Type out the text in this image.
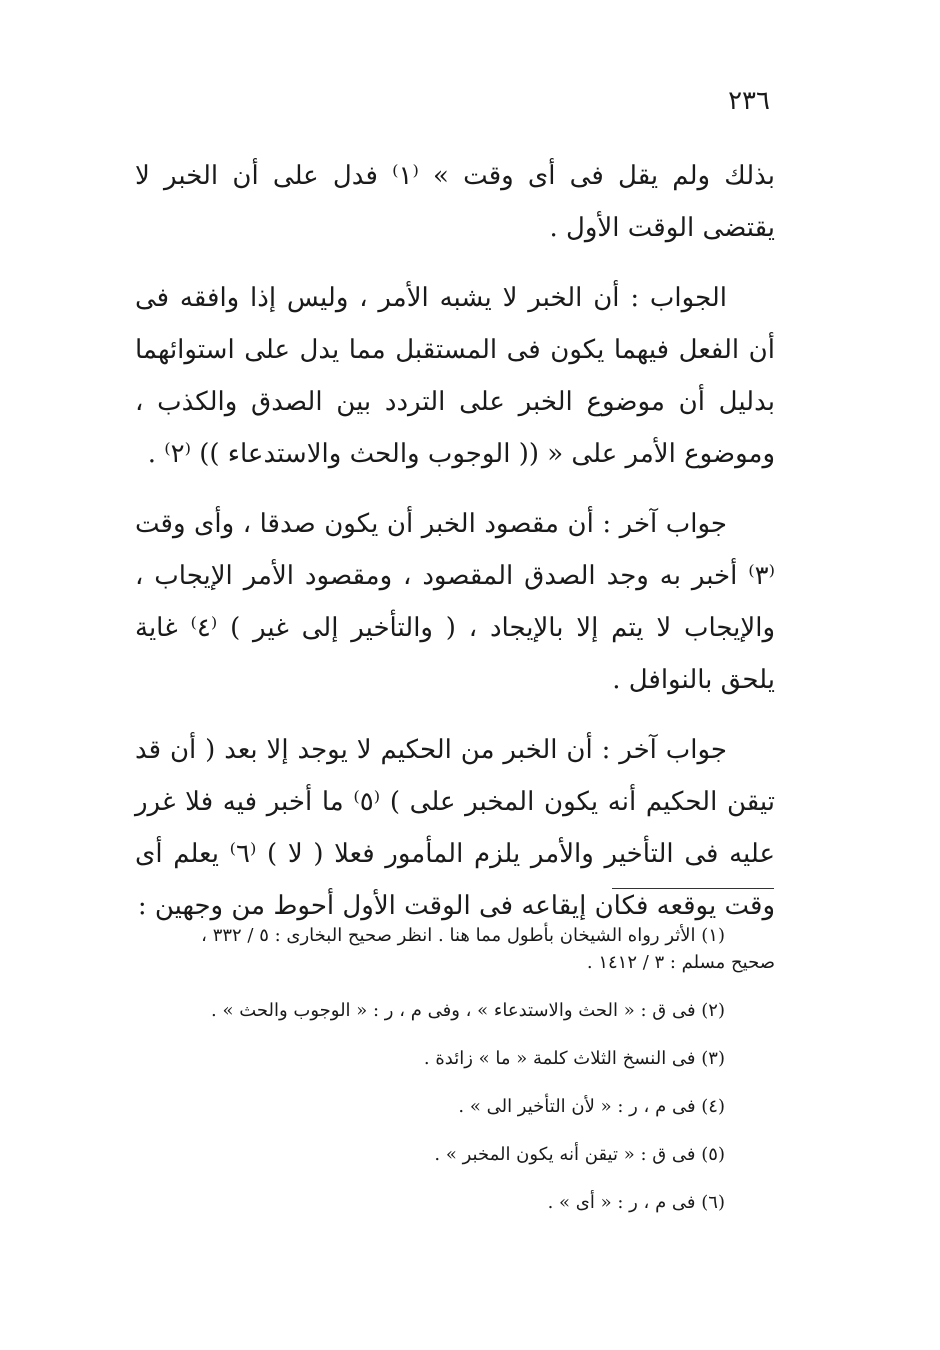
٢٣٦

بذلك ولم يقل فى أى وقت » ⁽١⁾ فدل على أن الخبر لا يقتضى الوقت الأول .

الجواب : أن الخبر لا يشبه الأمر ، وليس إذا وافقه فى أن الفعل فيهما يكون فى المستقبل مما يدل على استوائهما بدليل أن موضوع الخبر على التردد بين الصدق والكذب ، وموضوع الأمر على « (( الوجوب والحث والاستدعاء )) ⁽٢⁾ .

جواب آخر : أن مقصود الخبر أن يكون صدقا ، وأى وقت ⁽٣⁾ أخبر به وجد الصدق المقصود ، ومقصود الأمر الإيجاب ، والإيجاب لا يتم إلا بالإيجاد ، ( والتأخير إلى غير ) ⁽٤⁾ غاية يلحق بالنوافل .

جواب آخر : أن الخبر من الحكيم لا يوجد إلا بعد ( أن قد تيقن الحكيم أنه يكون المخبر على ) ⁽٥⁾ ما أخبر فيه فلا غرر عليه فى التأخير والأمر يلزم المأمور فعلا ( لا ) ⁽٦⁾ يعلم أى وقت يوقعه فكان إيقاعه فى الوقت الأول أحوط من وجهين :

(١) الأثر رواه الشيخان بأطول مما هنا . انظر صحيح البخارى : ٥ / ٣٣٢ ،
صحيح مسلم : ٣ / ١٤١٢ .

(٢) فى ق : « الحث والاستدعاء » ، وفى م ، ر : « الوجوب والحث » .

(٣) فى النسخ الثلاث كلمة « ما » زائدة .

(٤) فى م ، ر : « لأن التأخير الى » .

(٥) فى ق : « تيقن أنه يكون المخبر » .

(٦) فى م ، ر : « أى » .
